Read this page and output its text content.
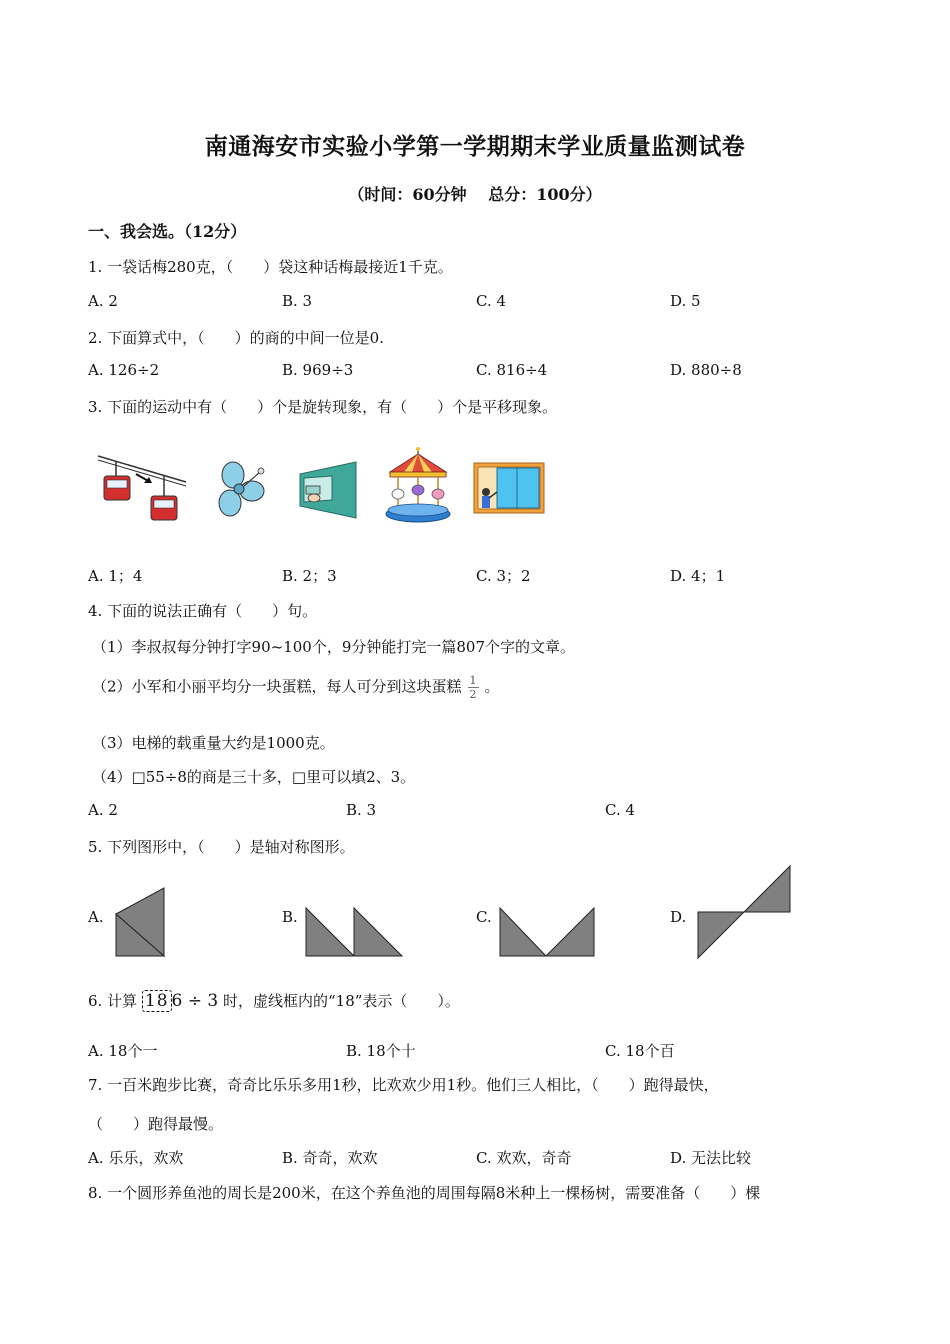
南通海安市实验小学第一学期期末学业质量监测试卷
（时间：60分钟　 总分：100分）
一、我会选。（12分）
1. 一袋话梅280克，（　　）袋这种话梅最接近1千克。
A. 2	B. 3	C. 4	D. 5
2. 下面算式中，（　　）的商的中间一位是0.
A. 126÷2	B. 969÷3	C. 816÷4	D. 880÷8
3. 下面的运动中有（　　）个是旋转现象，有（　　）个是平移现象。
A. 1；4	B. 2；3	C. 3；2	D. 4；1
4. 下面的说法正确有（　　）句。
（1）李叔叔每分钟打字90~100个，9分钟能打完一篇807个字的文章。
（2）小军和小丽平均分一块蛋糕，每人可分到这块蛋糕 $\frac{1}{2}$ 。
（3）电梯的载重量大约是1000克。
（4）□55÷8的商是三十多，□里可以填2、3。
A. 2	B. 3	C. 4
5. 下列图形中，（　　）是轴对称图形。
A.	B.	C.	D.
6. 计算 18 6 ÷ 3 时，虚线框内的“18”表示（　　）。
A. 18个一	B. 18个十	C. 18个百
7. 一百米跑步比赛，奇奇比乐乐多用1秒，比欢欢少用1秒。他们三人相比，（　　）跑得最快，
（　　）跑得最慢。
A. 乐乐，欢欢	B. 奇奇，欢欢	C. 欢欢，奇奇	D. 无法比较
8. 一个圆形养鱼池的周长是200米，在这个养鱼池的周围每隔8米种上一棵杨树，需要准备（　　）棵
